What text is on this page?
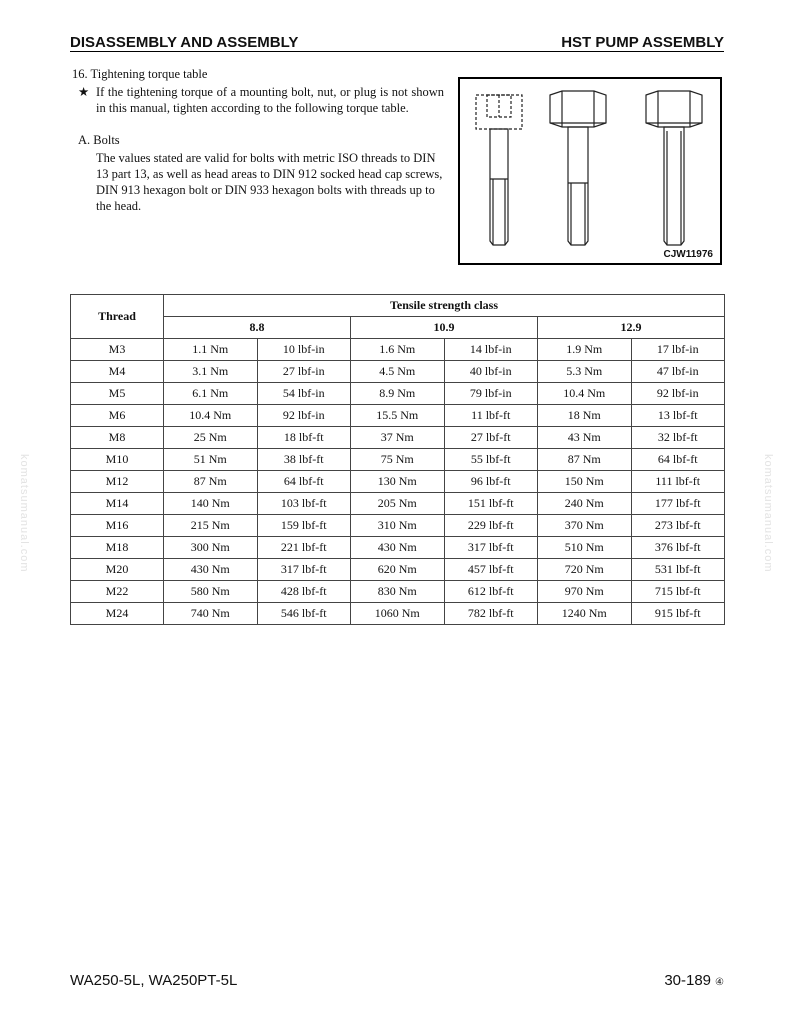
DISASSEMBLY AND ASSEMBLY	HST PUMP ASSEMBLY

16. Tightening torque table

★ If the tightening torque of a mounting bolt, nut, or plug is not shown in this manual, tighten according to the following torque table.
A. Bolts
The values stated are valid for bolts with metric ISO threads to DIN 13 part 13, as well as head areas to DIN 912 socked head cap screws, DIN 913 hexagon bolt or DIN 933 hexagon bolts with threads up to the head.
CJW11976
Thread	Tensile strength class					
	8.8		10.9		12.9	
M3	1.1 Nm	10 lbf-in	1.6 Nm	14 lbf-in	1.9 Nm	17 lbf-in
M4	3.1 Nm	27 lbf-in	4.5 Nm	40 lbf-in	5.3 Nm	47 lbf-in
M5	6.1 Nm	54 lbf-in	8.9 Nm	79 lbf-in	10.4 Nm	92 lbf-in
M6	10.4 Nm	92 lbf-in	15.5 Nm	11 lbf-ft	18 Nm	13 lbf-ft
M8	25 Nm	18 lbf-ft	37 Nm	27 lbf-ft	43 Nm	32 lbf-ft
M10	51 Nm	38 lbf-ft	75 Nm	55 lbf-ft	87 Nm	64 lbf-ft
M12	87 Nm	64 lbf-ft	130 Nm	96 lbf-ft	150 Nm	111 lbf-ft
M14	140 Nm	103 lbf-ft	205 Nm	151 lbf-ft	240 Nm	177 lbf-ft
M16	215 Nm	159 lbf-ft	310 Nm	229 lbf-ft	370 Nm	273 lbf-ft
M18	300 Nm	221 lbf-ft	430 Nm	317 lbf-ft	510 Nm	376 lbf-ft
M20	430 Nm	317 lbf-ft	620 Nm	457 lbf-ft	720 Nm	531 lbf-ft
M22	580 Nm	428 lbf-ft	830 Nm	612 lbf-ft	970 Nm	715 lbf-ft
M24	740 Nm	546 lbf-ft	1060 Nm	782 lbf-ft	1240 Nm	915 lbf-ft
komatsumanual.com	komatsumanual.com
WA250-5L, WA250PT-5L	30-189 ④
